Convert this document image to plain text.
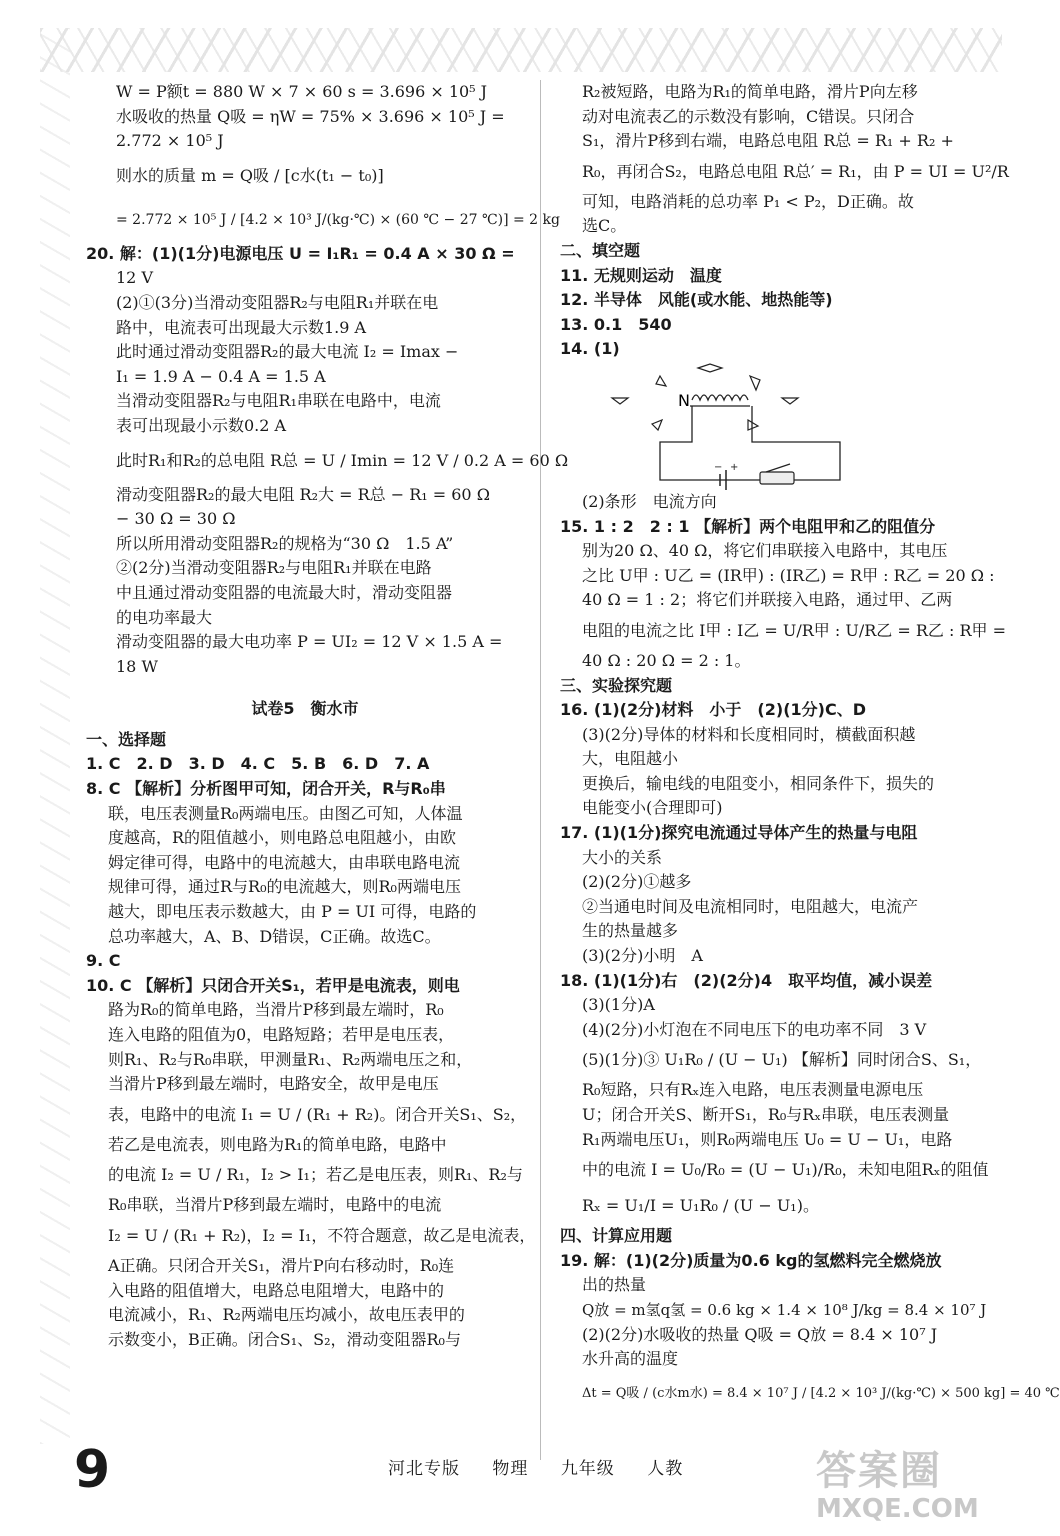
W = P额t = 880 W × 7 × 60 s = 3.696 × 10⁵ J
水吸收的热量 Q吸 = ηW = 75% × 3.696 × 10⁵ J =
2.772 × 10⁵ J
则水的质量 m = Q吸 / [c水(t₁ − t₀)]
= 2.772 × 10⁵ J / [4.2 × 10³ J/(kg·℃) × (60 ℃ − 27 ℃)] = 2 kg
20. 解：(1)(1分)电源电压 U = I₁R₁ = 0.4 A × 30 Ω =
12 V
(2)①(3分)当滑动变阻器R₂与电阻R₁并联在电
路中，电流表可出现最大示数1.9 A
此时通过滑动变阻器R₂的最大电流 I₂ = Imax −
I₁ = 1.9 A − 0.4 A = 1.5 A
当滑动变阻器R₂与电阻R₁串联在电路中，电流
表可出现最小示数0.2 A
此时R₁和R₂的总电阻 R总 = U / Imin = 12 V / 0.2 A = 60 Ω
滑动变阻器R₂的最大电阻 R₂大 = R总 − R₁ = 60 Ω
− 30 Ω = 30 Ω
所以所用滑动变阻器R₂的规格为“30 Ω　1.5 A”
②(2分)当滑动变阻器R₂与电阻R₁并联在电路
中且通过滑动变阻器的电流最大时，滑动变阻器
的电功率最大
滑动变阻器的最大电功率 P = UI₂ = 12 V × 1.5 A =
18 W
试卷5　衡水市
一、选择题
1. C　2. D　3. D　4. C　5. B　6. D　7. A
8. C 【解析】分析图甲可知，闭合开关，R与R₀串
联，电压表测量R₀两端电压。由图乙可知，人体温
度越高，R的阻值越小，则电路总电阻越小，由欧
姆定律可得，电路中的电流越大，由串联电路电流
规律可得，通过R与R₀的电流越大，则R₀两端电压
越大，即电压表示数越大，由 P = UI 可得，电路的
总功率越大，A、B、D错误，C正确。故选C。
9. C
10. C 【解析】只闭合开关S₁，若甲是电流表，则电
路为R₀的简单电路，当滑片P移到最左端时，R₀
连入电路的阻值为0，电路短路；若甲是电压表，
则R₁、R₂与R₀串联，甲测量R₁、R₂两端电压之和，
当滑片P移到最左端时，电路安全，故甲是电压
表，电路中的电流 I₁ = U / (R₁ + R₂)。闭合开关S₁、S₂，
若乙是电流表，则电路为R₁的简单电路，电路中
的电流 I₂ = U / R₁，I₂ > I₁；若乙是电压表，则R₁、R₂与
R₀串联，当滑片P移到最左端时，电路中的电流
I₂ = U / (R₁ + R₂)，I₂ = I₁，不符合题意，故乙是电流表，
A正确。只闭合开关S₁，滑片P向右移动时，R₀连
入电路的阻值增大，电路总电阻增大，电路中的
电流减小，R₁、R₂两端电压均减小，故电压表甲的
示数变小，B正确。闭合S₁、S₂，滑动变阻器R₀与
R₂被短路，电路为R₁的简单电路，滑片P向左移
动对电流表乙的示数没有影响，C错误。只闭合
S₁，滑片P移到右端，电路总电阻 R总 = R₁ + R₂ +
R₀，再闭合S₂，电路总电阻 R总′ = R₁，由 P = UI = U²/R
可知，电路消耗的总功率 P₁ < P₂，D正确。故
选C。
二、填空题
11. 无规则运动　温度
12. 半导体　风能(或水能、地热能等)
13. 0.1　540
14. (1)
N
− +
(2)条形　电流方向
15. 1 : 2　2 : 1 【解析】两个电阻甲和乙的阻值分
别为20 Ω、40 Ω，将它们串联接入电路中，其电压
之比 U甲 : U乙 = (IR甲) : (IR乙) = R甲 : R乙 = 20 Ω :
40 Ω = 1 : 2；将它们并联接入电路，通过甲、乙两
电阻的电流之比 I甲 : I乙 = U/R甲 : U/R乙 = R乙 : R甲 =
40 Ω : 20 Ω = 2 : 1。
三、实验探究题
16. (1)(2分)材料　小于　(2)(1分)C、D
(3)(2分)导体的材料和长度相同时，横截面积越
大，电阻越小
更换后，输电线的电阻变小，相同条件下，损失的
电能变小(合理即可)
17. (1)(1分)探究电流通过导体产生的热量与电阻
大小的关系
(2)(2分)①越多
②当通电时间及电流相同时，电阻越大，电流产
生的热量越多
(3)(2分)小明　A
18. (1)(1分)右　(2)(2分)4　取平均值，减小误差
(3)(1分)A
(4)(2分)小灯泡在不同电压下的电功率不同　3 V
(5)(1分)③ U₁R₀ / (U − U₁) 【解析】同时闭合S、S₁，
R₀短路，只有Rₓ连入电路，电压表测量电源电压
U；闭合开关S、断开S₁，R₀与Rₓ串联，电压表测量
R₁两端电压U₁，则R₀两端电压 U₀ = U − U₁，电路
中的电流 I = U₀/R₀ = (U − U₁)/R₀，未知电阻Rₓ的阻值
Rₓ = U₁/I = U₁R₀ / (U − U₁)。
四、计算应用题
19. 解：(1)(2分)质量为0.6 kg的氢燃料完全燃烧放
出的热量
Q放 = m氢q氢 = 0.6 kg × 1.4 × 10⁸ J/kg = 8.4 × 10⁷ J
(2)(2分)水吸收的热量 Q吸 = Q放 = 8.4 × 10⁷ J
水升高的温度
Δt = Q吸 / (c水m水) = 8.4 × 10⁷ J / [4.2 × 10³ J/(kg·℃) × 500 kg] = 40 ℃
9	河北专版 物理 九年级 人教	答案圈
MXQE.COM
